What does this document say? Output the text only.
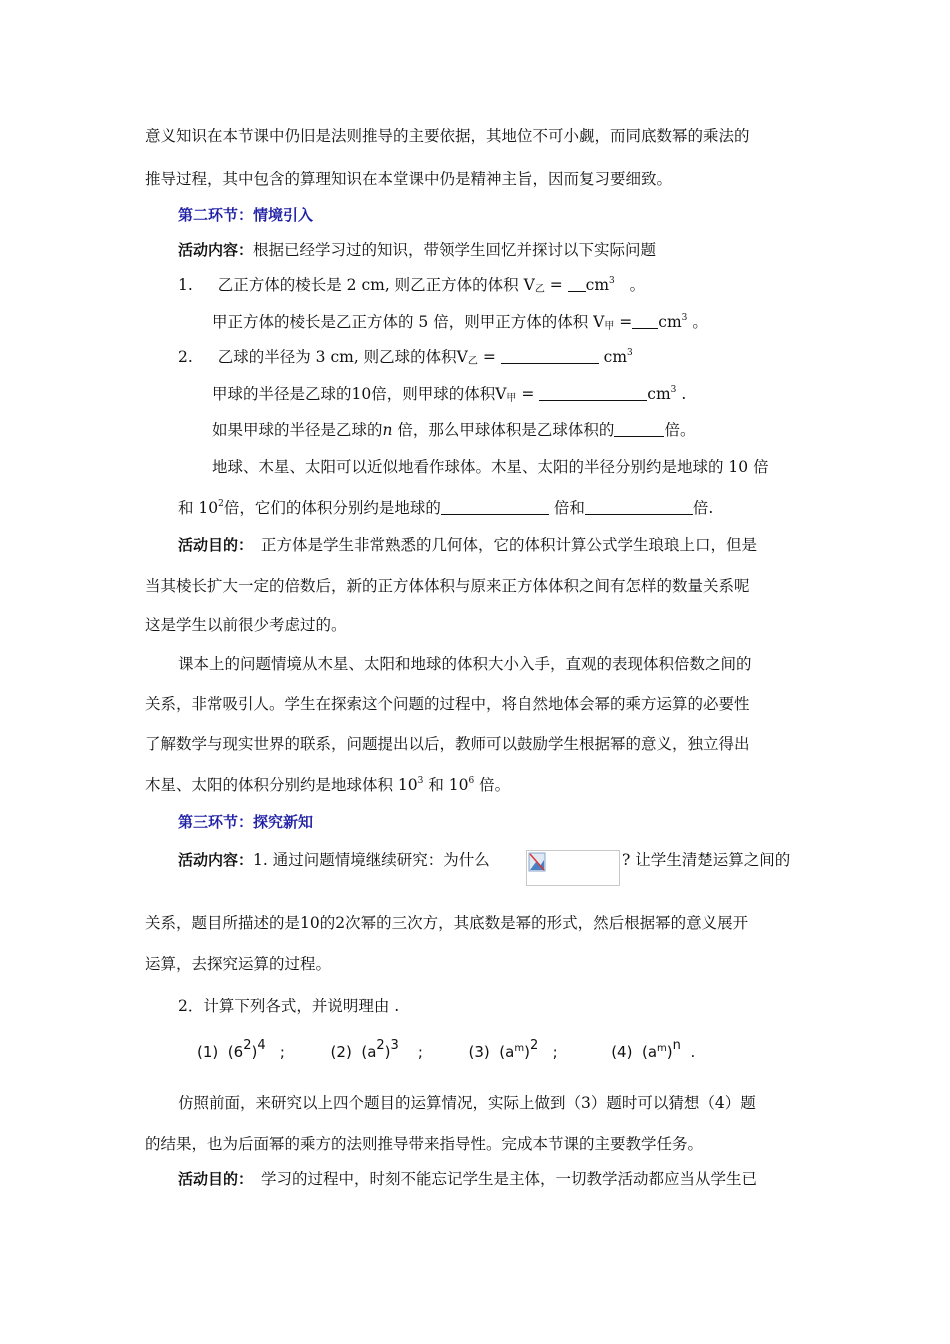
意义知识在本节课中仍旧是法则推导的主要依据，其地位不可小觑，而同底数幂的乘法的
推导过程，其中包含的算理知识在本堂课中仍是精神主旨，因而复习要细致。
第二环节：情境引入
活动内容：根据已经学习过的知识，带领学生回忆并探讨以下实际问题
1. 乙正方体的棱长是 2 cm, 则乙正方体的体积 $V_乙 = cm^3$ 。
甲正方体的棱长是乙正方体的 5 倍，则甲正方体的体积 $V_甲 = cm^3$ 。
2. 乙球的半径为 3 cm, 则乙球的体积$V_乙$ =	$cm^3$
甲球的半径是乙球的10倍，则甲球的体积$V_甲$ =	$cm^3$ .
如果甲球的半径是乙球的n 倍，那么甲球体积是乙球体积的	倍。
地球、木星、太阳可以近似地看作球体。木星、太阳的半径分别约是地球的 10 倍
和 $10^2$倍，它们的体积分别约是地球的	倍和	倍.
活动目的： 正方体是学生非常熟悉的几何体，它的体积计算公式学生琅琅上口，但是
当其棱长扩大一定的倍数后，新的正方体体积与原来正方体体积之间有怎样的数量关系呢
这是学生以前很少考虑过的。
课本上的问题情境从木星、太阳和地球的体积大小入手，直观的表现体积倍数之间的
关系，非常吸引人。学生在探索这个问题的过程中，将自然地体会幂的乘方运算的必要性
了解数学与现实世界的联系，问题提出以后，教师可以鼓励学生根据幂的意义，独立得出
木星、太阳的体积分别约是地球体积 $10^3$ 和 $10^6$ 倍。
第三环节：探究新知
活动内容：1. 通过问题情境继续研究：为什么	? 让学生清楚运算之间的
关系，题目所描述的是10的2次幂的三次方，其底数是幂的形式，然后根据幂的意义展开
运算，去探究运算的过程。
2．计算下列各式，并说明理由 .
(1)  (62)4 ;	(2)  (a2)3 ;	(3)  $(a^m)2$ ;	(4)  $(a^m)n$ .
仿照前面，来研究以上四个题目的运算情况，实际上做到（3）题时可以猜想（4）题
的结果，也为后面幂的乘方的法则推导带来指导性。完成本节课的主要教学任务。
活动目的： 学习的过程中，时刻不能忘记学生是主体，一切教学活动都应当从学生已
